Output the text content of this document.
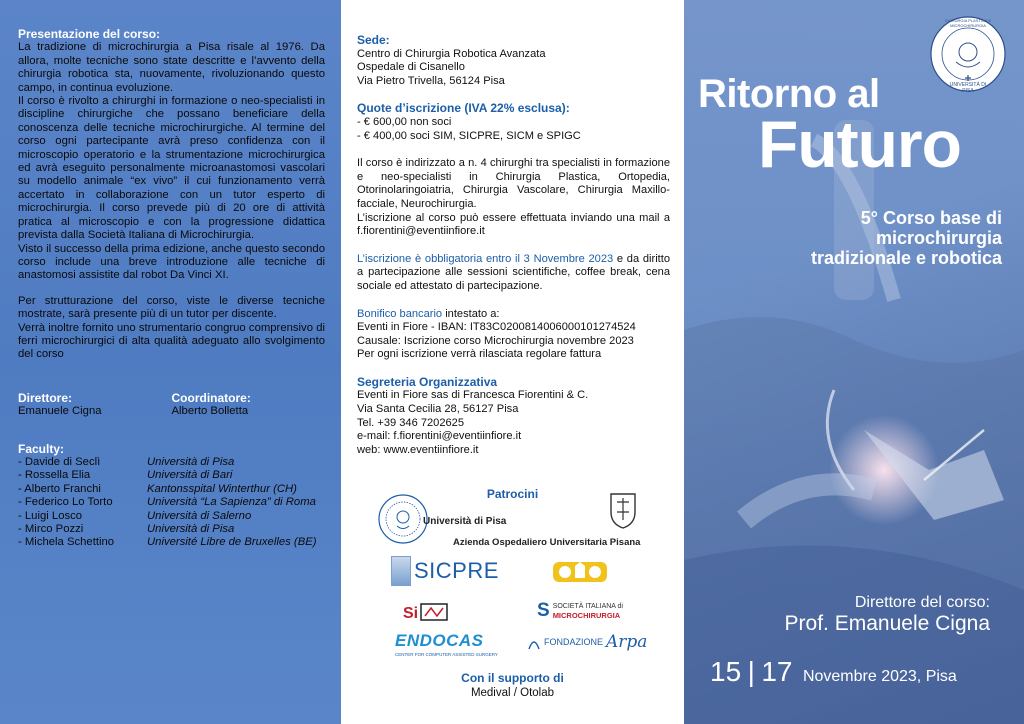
Presentazione del corso:

La tradizione di microchirurgia a Pisa risale al 1976. Da allora, molte tecniche sono state descritte e l’avvento della chirurgia robotica sta, nuovamente, rivoluzionando questo campo, in continua evoluzione.

Il corso è rivolto a chirurghi in formazione o neo-specialisti in discipline chirurgiche che possano beneficiare della conoscenza delle tecniche microchirurgiche. Al termine del corso ogni partecipante avrà preso confidenza con il microscopio operatorio e la strumentazione microchirurgica ed avrà eseguito personalmente microanastomosi vascolari su modello animale “ex vivo” il cui funzionamento verrà accertato in collaborazione con un tutor esperto di microchirurgia. Il corso prevede più di 20 ore di attività pratica al microscopio e con la progressione didattica prevista dalla Società Italiana di Microchirurgia.

Visto il successo della prima edizione, anche questo secondo corso include una breve introduzione alle tecniche di anastomosi assistite dal robot Da Vinci XI.

Per strutturazione del corso, viste le diverse tecniche mostrate, sarà presente più di un tutor per discente.

Verrà inoltre fornito uno strumentario congruo comprensivo di ferri microchirurgici di alta qualità adeguato allo svolgimento del corso

Direttore:
Emanuele Cigna
Coordinatore:
Alberto Bolletta
Faculty:
- Davide di Seclì	Università di Pisa
- Rossella Elia	Università di Bari
- Alberto Franchi	Kantonsspital Winterthur (CH)
- Federico Lo Torto	Università “La Sapienza” di Roma
- Luigi Losco	Università di Salerno
- Mirco Pozzi	Università di Pisa
- Michela Schettino	Université Libre de Bruxelles (BE)
Sede:

Centro di Chirurgia Robotica Avanzata

Ospedale di Cisanello

Via Pietro Trivella, 56124 Pisa

Quote d’iscrizione (IVA 22% esclusa):

- € 600,00 non soci

- € 400,00 soci SIM, SICPRE, SICM e SPIGC

Il corso è indirizzato a n. 4 chirurghi tra specialisti in formazione e neo-specialisti in Chirurgia Plastica, Ortopedia, Otorinolaringoiatria, Chirurgia Vascolare, Chirurgia Maxillo-facciale, Neurochirurgia.

L’iscrizione al corso può essere effettuata inviando una mail a f.fiorentini@eventiinfiore.it

L’iscrizione è obbligatoria entro il 3 Novembre 2023 e da diritto a partecipazione alle sessioni scientifiche, coffee break, cena sociale ed attestato di partecipazione.

Bonifico bancario intestato a:

Eventi in Fiore - IBAN: IT83C0200814006000101274524

Causale: Iscrizione corso Microchirurgia novembre 2023

Per ogni iscrizione verrà rilasciata regolare fattura

Segreteria Organizzativa

Eventi in Fiore sas di Francesca Fiorentini & C.

Via Santa Cecilia 28, 56127 Pisa

Tel. +39 346 7202625

e-mail: f.fiorentini@eventiinfiore.it

web: www.eventiinfiore.it

Patrocini
Università di Pisa
Azienda Ospedaliero Universitaria Pisana
SICPRE
Si	S SOCIETÀ ITALIANA di
MICROCHIRURGIA
ENDOCAS
CENTER FOR COMPUTER ASSISTED SURGERY
FONDAZIONE Arpa
Con il supporto di
Medival / Otolab
CHIRURGIA PLASTICA E MICROCHIRURGIA
UNIVERSITÀ DI PISA
Ritorno al
Futuro
5° Corso base di
microchirurgia
tradizionale e robotica
Direttore del corso:
Prof. Emanuele Cigna
15 | 17 Novembre 2023, Pisa
